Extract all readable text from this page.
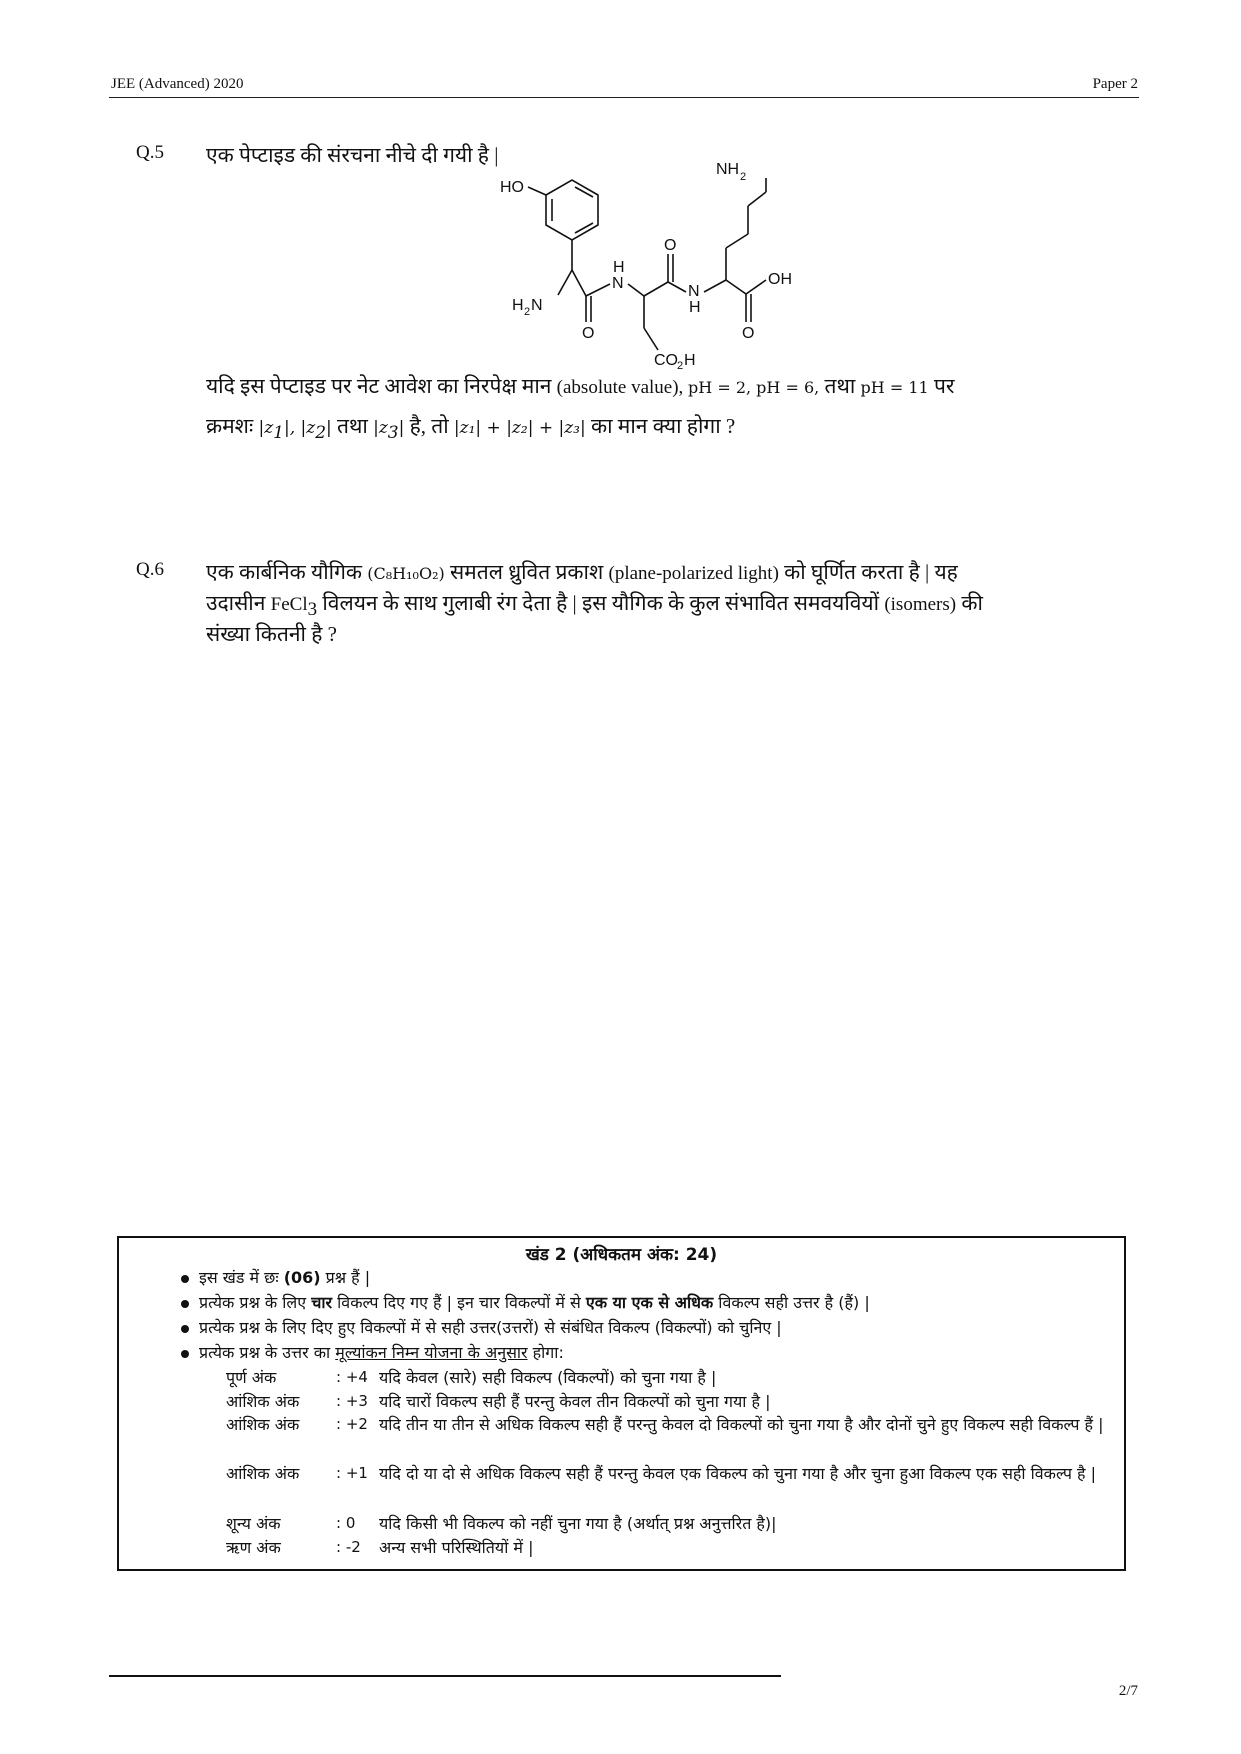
JEE (Advanced) 2020	Paper 2
Q.5 एक पेप्टाइड की संरचना नीचे दी गयी है |
HO
NH 2
H 2 N
N
H
N
H
OH
O
O	O
CO 2 H
यदि इस पेप्टाइड पर नेट आवेश का निरपेक्ष मान (absolute value), pH = 2, pH = 6, तथा pH = 11 पर
क्रमशः $|z_1|$, $|z_2|$ तथा $|z_3|$ है, तो |z₁| + |z₂| + |z₃| का मान क्या होगा ?
Q.6 एक कार्बनिक यौगिक (C₈H₁₀O₂) समतल ध्रुवित प्रकाश (plane-polarized light) को घूर्णित करता है | यह
उदासीन FeCl$_3$ विलयन के साथ गुलाबी रंग देता है | इस यौगिक के कुल संभावित समवयवियों (isomers) की
संख्या कितनी है ?
खंड 2 (अधिकतम अंक: 24)
इस खंड में छः (06) प्रश्न हैं |
प्रत्येक प्रश्न के लिए चार विकल्प दिए गए हैं | इन चार विकल्पों में से एक या एक से अधिक विकल्प सही उत्तर है (हैं) |
प्रत्येक प्रश्न के लिए दिए हुए विकल्पों में से सही उत्तर(उत्तरों) से संबंधित विकल्प (विकल्पों) को चुनिए |
प्रत्येक प्रश्न के उत्तर का मूल्यांकन निम्न योजना के अनुसार होगा:
पूर्ण अंक	: +4 यदि केवल (सारे) सही विकल्प (विकल्पों) को चुना गया है |
आंशिक अंक : +3 यदि चारों विकल्प सही हैं परन्तु केवल तीन विकल्पों को चुना गया है |
आंशिक अंक : +2 यदि तीन या तीन से अधिक विकल्प सही हैं परन्तु केवल दो विकल्पों को चुना गया है और दोनों चुने हुए विकल्प सही विकल्प हैं |
आंशिक अंक : +1 यदि दो या दो से अधिक विकल्प सही हैं परन्तु केवल एक विकल्प को चुना गया है और चुना हुआ विकल्प एक सही विकल्प है |
शून्य अंक	: 0 यदि किसी भी विकल्प को नहीं चुना गया है (अर्थात् प्रश्न अनुत्तरित है)|
ऋण अंक	: -2 अन्य सभी परिस्थितियों में |
2/7
